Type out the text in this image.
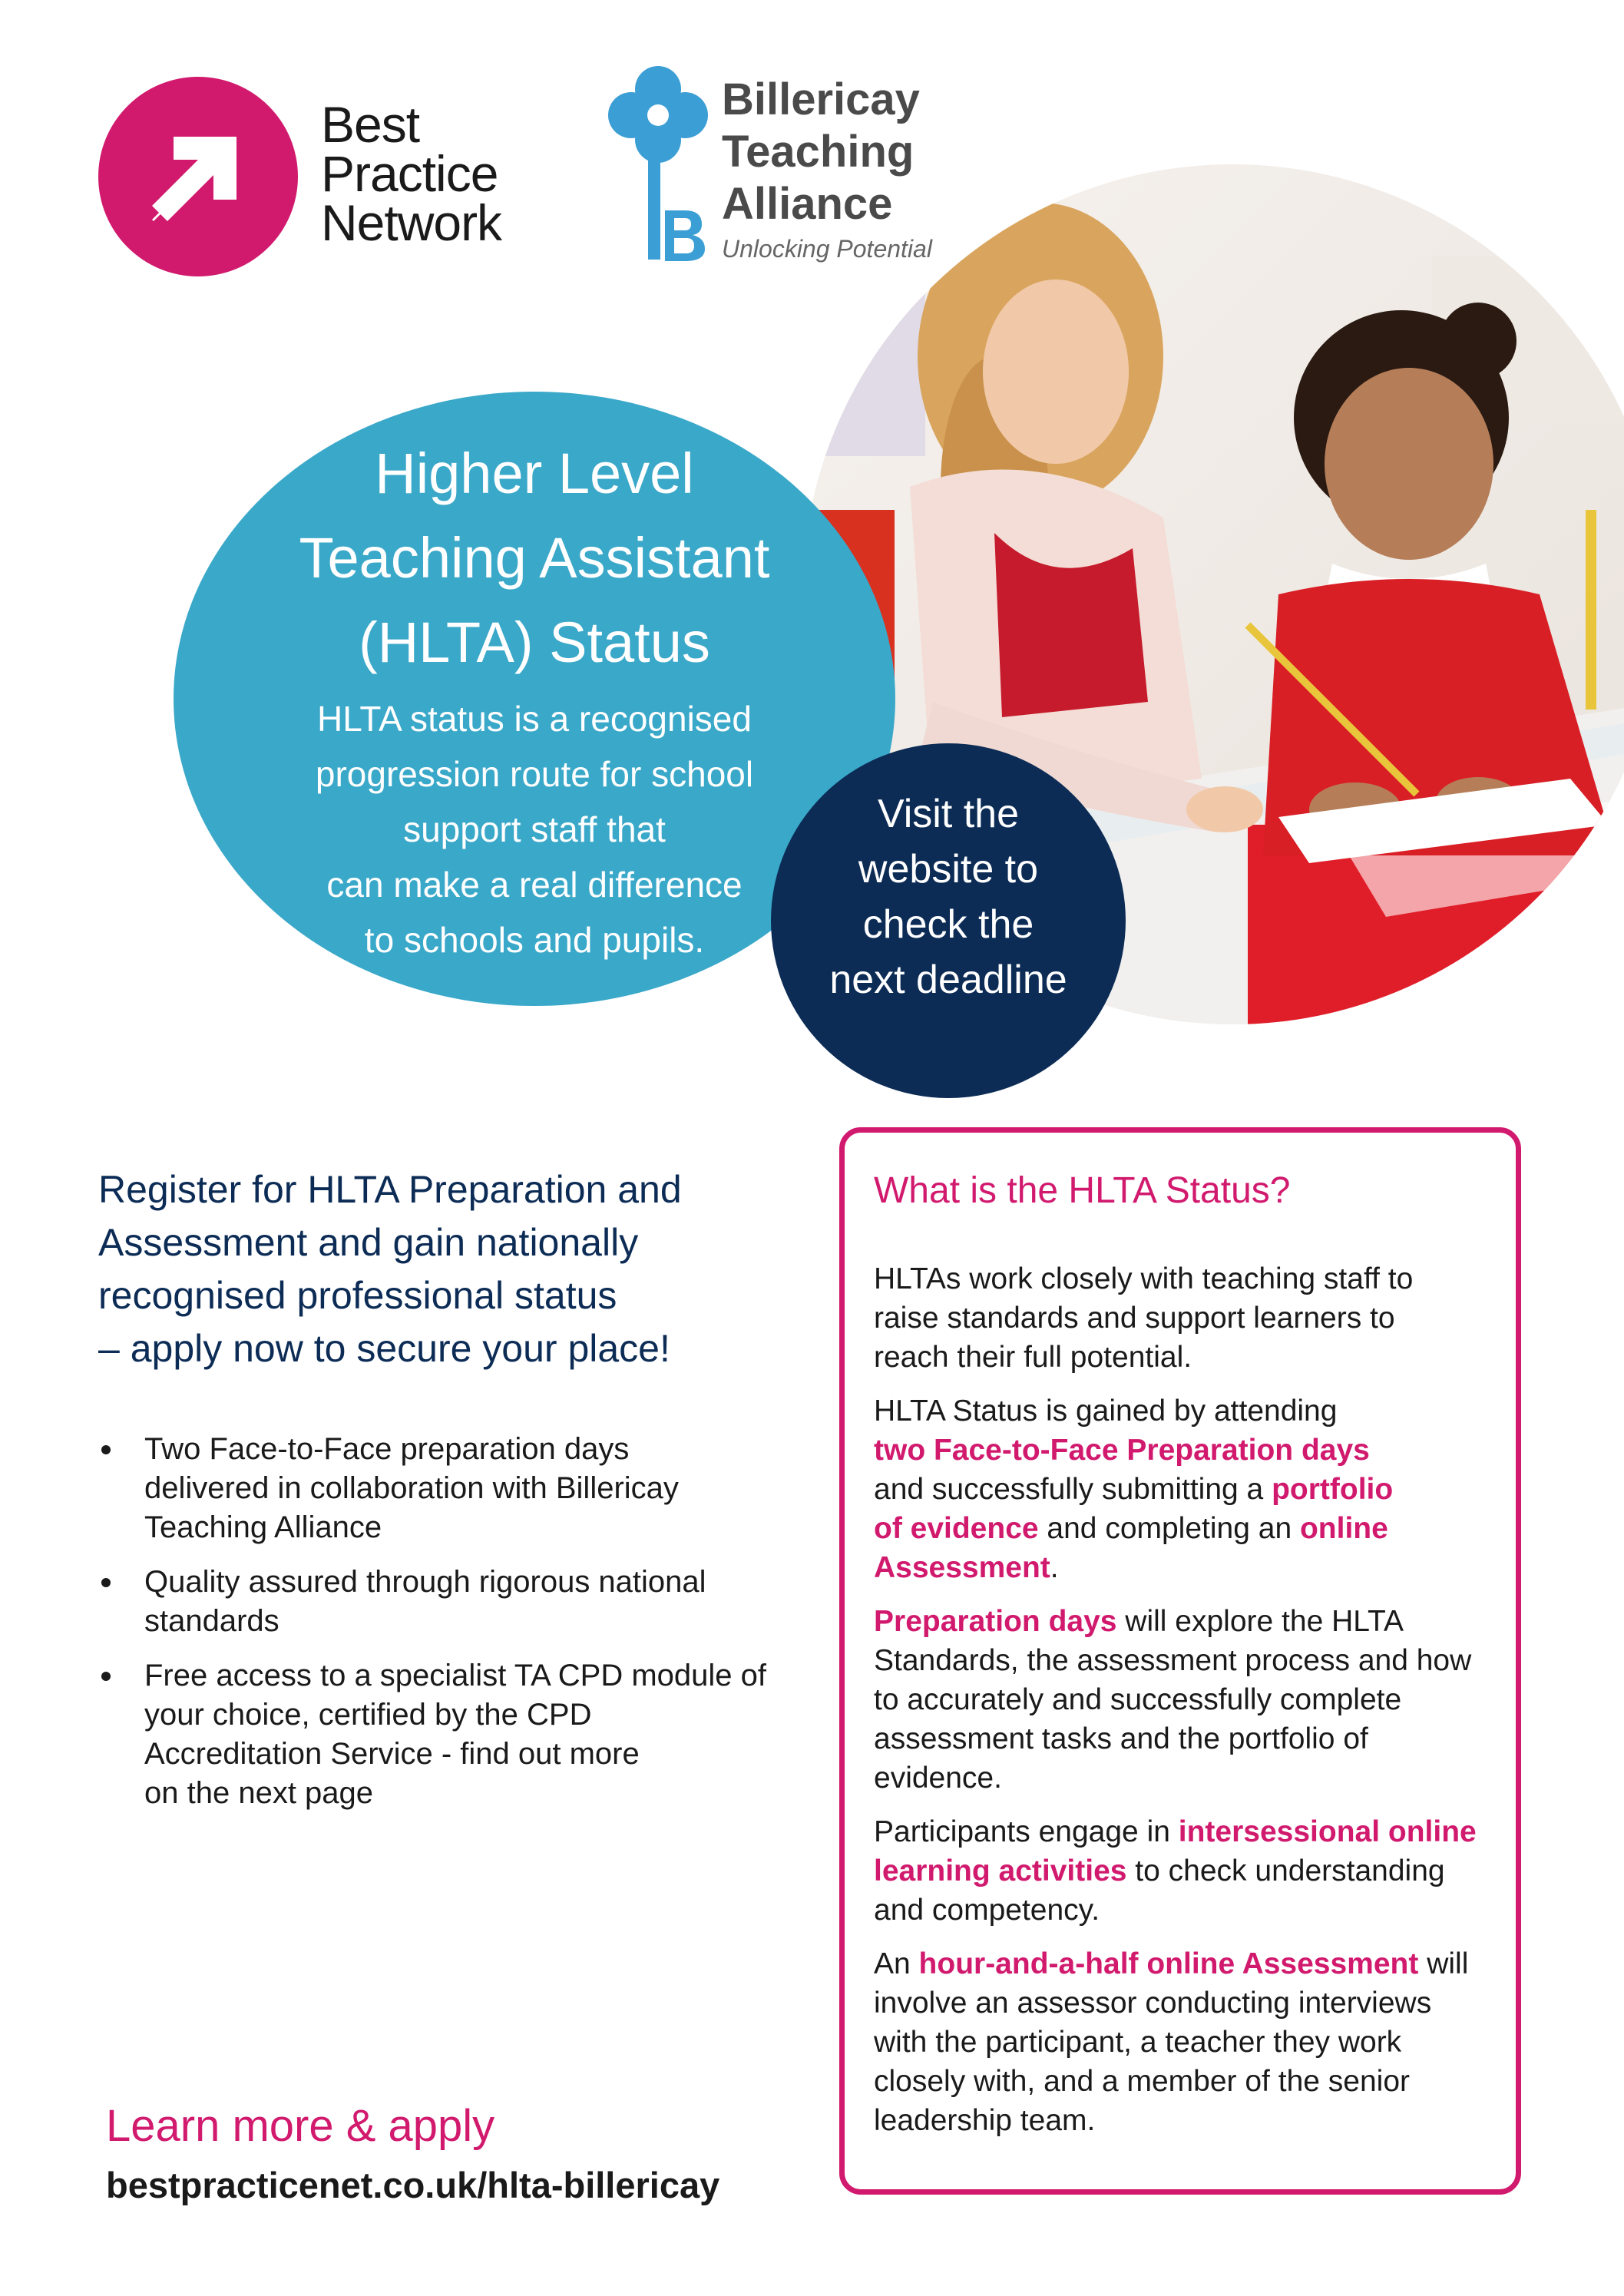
Best
Practice
Network
Billericay
Teaching
Alliance
Unlocking Potential
Higher Level
Teaching Assistant
(HLTA) Status
HLTA status is a recognised
progression route for school
support staff that
can make a real difference
to schools and pupils.
Visit the
website to
check the
next deadline
Register for HLTA Preparation and
Assessment and gain nationally
recognised professional status
– apply now to secure your place!
Two Face-to-Face preparation days
delivered in collaboration with Billericay
Teaching Alliance
Quality assured through rigorous national
standards
Free access to a specialist TA CPD module of
your choice, certified by the CPD
Accreditation Service - find out more
on the next page
Learn more & apply
bestpracticenet.co.uk/hlta-billericay
What is the HLTA Status?
HLTAs work closely with teaching staff to
raise standards and support learners to
reach their full potential.
HLTA Status is gained by attending
two Face-to-Face Preparation days
and successfully submitting a portfolio
of evidence and completing an online
Assessment.
Preparation days will explore the HLTA
Standards, the assessment process and how
to accurately and successfully complete
assessment tasks and the portfolio of
evidence.
Participants engage in intersessional online
learning activities to check understanding
and competency.
An hour-and-a-half online Assessment will
involve an assessor conducting interviews
with the participant, a teacher they work
closely with, and a member of the senior
leadership team.
